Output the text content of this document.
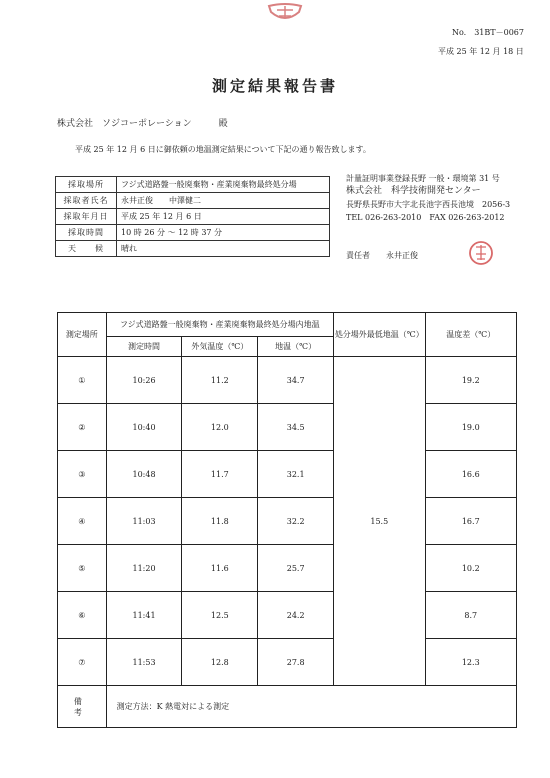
No.　31BT－0067
平成 25 年 12 月 18 日
測定結果報告書
株式会社　ソジコーポレーション　　　殿
平成 25 年 12 月 6 日に御依頼の地温測定結果について下記の通り報告致します。
採取場所	フジ式道路盤一般廃棄物・産業廃棄物最終処分場
採取者氏名	永井正俊　　中澤健二
採取年月日	平成 25 年 12 月 6 日
採取時間	10 時 26 分 ～ 12 時 37 分
天　　候	晴れ
計量証明事業登録長野 一般・環境第 31 号
株式会社　科学技術開発センター
長野県長野市大字北長池字西長池境　2056-3
TEL 026-263-2010　FAX 026-263-2012
責任者　　永井正俊
測定場所	フジ式道路盤一般廃棄物・産業廃棄物最終処分場内地温			処分場外最低地温（℃）	温度差（℃）
	測定時間	外気温度（℃）	地温（℃）		
①	10:26	11.2	34.7	15.5	19.2
②	10:40	12.0	34.5		19.0
③	10:48	11.7	32.1		16.6
④	11:03	11.8	32.2		16.7
⑤	11:20	11.6	25.7		10.2
⑥	11:41	12.5	24.2		8.7
⑦	11:53	12.8	27.8		12.3
備　考	測定方法：K 熱電対による測定				
